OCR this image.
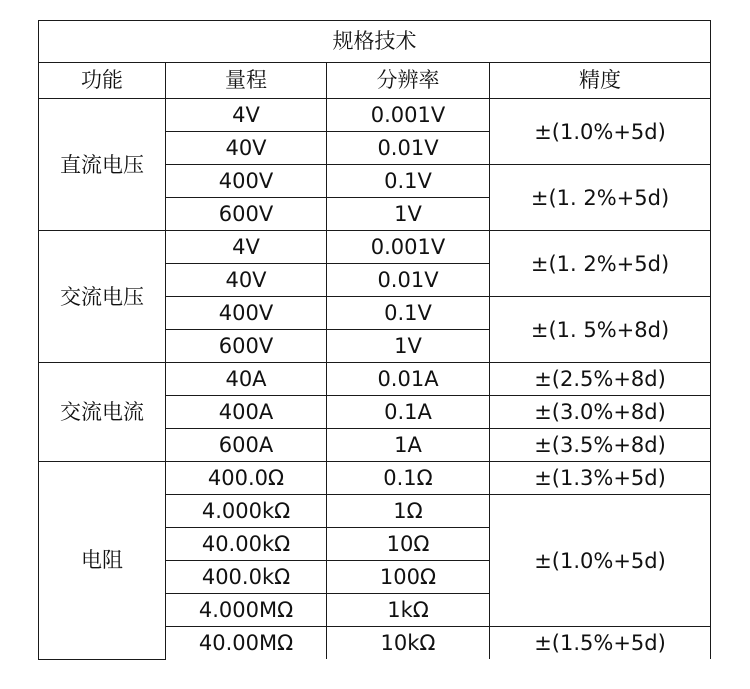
规格技术			
功能	量程	分辨率	精度
直流电压	4V	0.001V	±(1.0%+5d)
	40V	0.01V	
	400V	0.1V	±(1. 2%+5d)
	600V	1V	
交流电压	4V	0.001V	±(1. 2%+5d)
	40V	0.01V	
	400V	0.1V	±(1. 5%+8d)
	600V	1V	
交流电流	40A	0.01A	±(2.5%+8d)
	400A	0.1A	±(3.0%+8d)
	600A	1A	±(3.5%+8d)
电阻	400.0Ω	0.1Ω	±(1.3%+5d)
	4.000kΩ	1Ω	±(1.0%+5d)
	40.00kΩ	10Ω	
	400.0kΩ	100Ω	
	4.000MΩ	1kΩ	
	40.00MΩ	10kΩ	±(1.5%+5d)
